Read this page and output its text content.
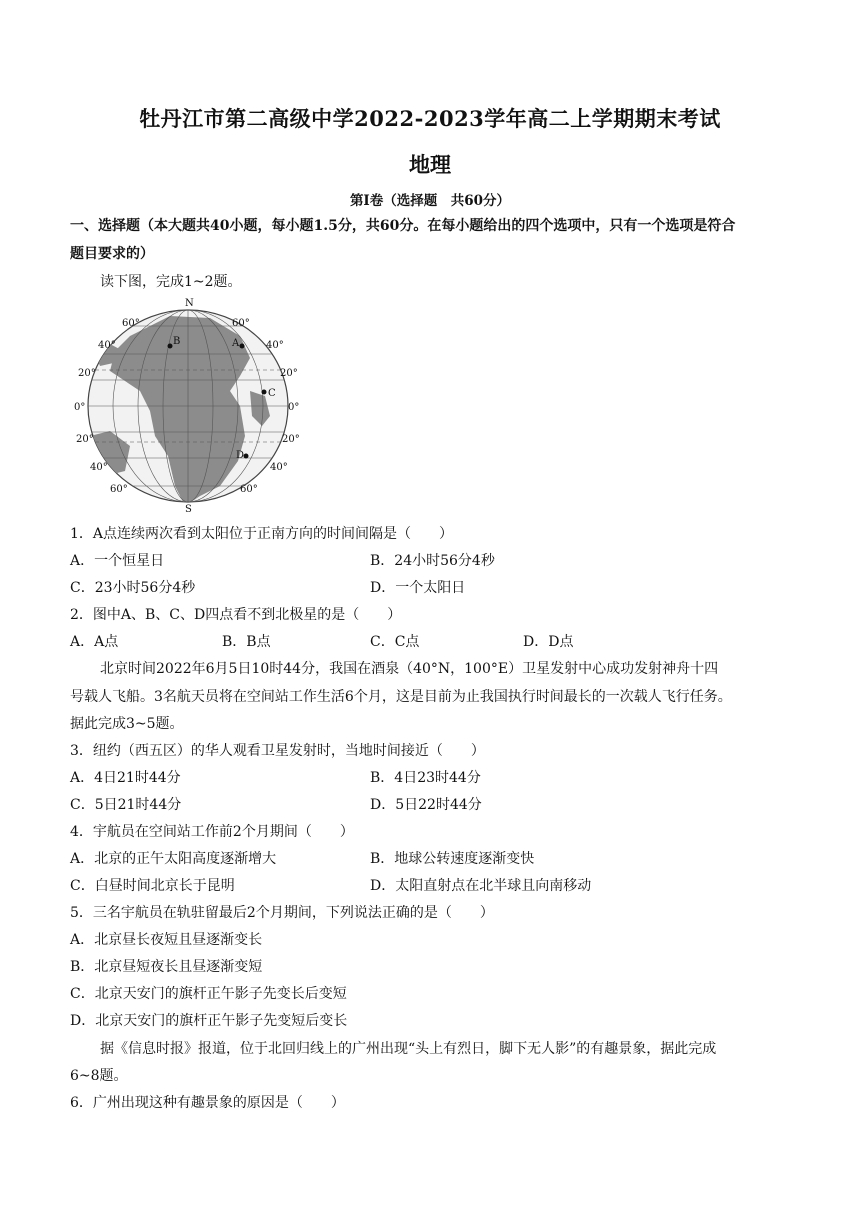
牡丹江市第二高级中学2022-2023学年高二上学期期末考试
地理
第I卷（选择题　共60分）
一、选择题（本大题共40小题，每小题1.5分，共60分。在每小题给出的四个选项中，只有一个选项是符合
题目要求的）
读下图，完成1~2题。
N
S
60°	60°
40°	40°
20°	20°
0°	0°
20°	20°
40°	40°
60°	60°
B	A
C
D
1．A点连续两次看到太阳位于正南方向的时间间隔是（　　）
A．一个恒星日	B．24小时56分4秒
C．23小时56分4秒	D．一个太阳日
2．图中A、B、C、D四点看不到北极星的是（　　）
A．A点	B．B点	C．C点	D．D点
北京时间2022年6月5日10时44分，我国在酒泉（40°N，100°E）卫星发射中心成功发射神舟十四
号载人飞船。3名航天员将在空间站工作生活6个月，这是目前为止我国执行时间最长的一次载人飞行任务。
据此完成3~5题。
3．纽约（西五区）的华人观看卫星发射时，当地时间接近（　　）
A．4日21时44分	B．4日23时44分
C．5日21时44分	D．5日22时44分
4．宇航员在空间站工作前2个月期间（　　）
A．北京的正午太阳高度逐渐增大	B．地球公转速度逐渐变快
C．白昼时间北京长于昆明	D．太阳直射点在北半球且向南移动
5．三名宇航员在轨驻留最后2个月期间，下列说法正确的是（　　）
A．北京昼长夜短且昼逐渐变长
B．北京昼短夜长且昼逐渐变短
C．北京天安门的旗杆正午影子先变长后变短
D．北京天安门的旗杆正午影子先变短后变长
据《信息时报》报道，位于北回归线上的广州出现“头上有烈日，脚下无人影”的有趣景象，据此完成
6~8题。
6．广州出现这种有趣景象的原因是（　　）
